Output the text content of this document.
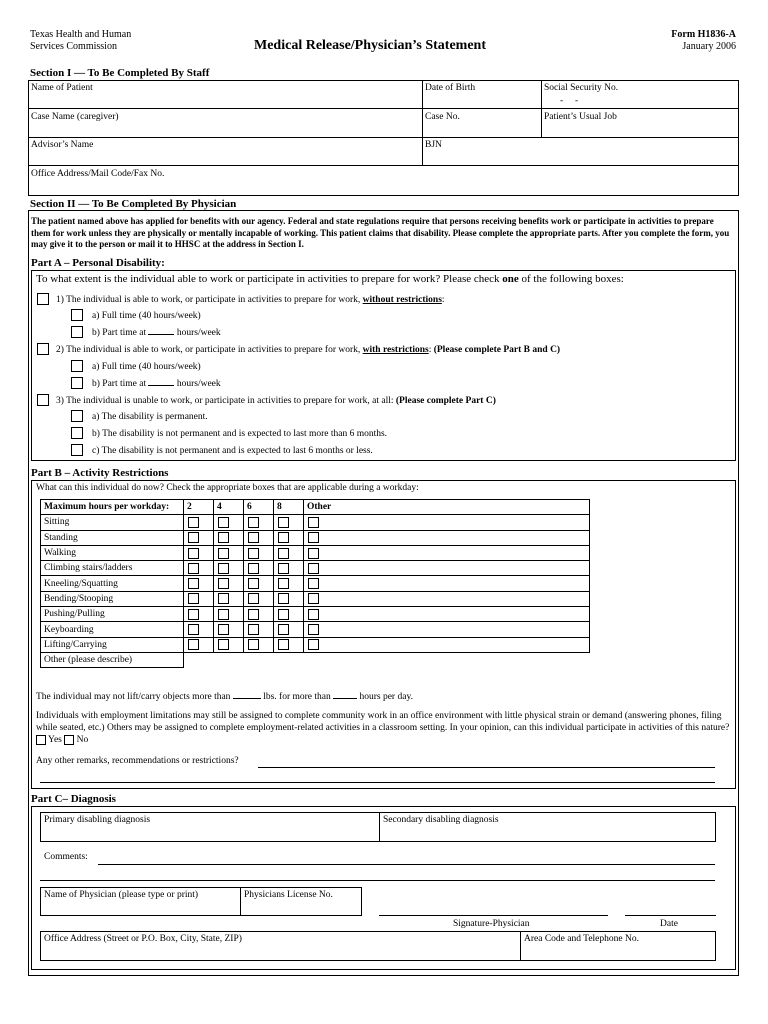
Texas Health and Human
Services Commission	Medical Release/Physician’s Statement
Form H1836-A
January 2006
Section I — To Be Completed By Staff
Name of Patient	Date of Birth	Social Security No.
-     -
Case Name (caregiver)	Case No.	Patient’s Usual Job
Advisor’s Name	BJN
Office Address/Mail Code/Fax No.
Section II — To Be Completed By Physician
The patient named above has applied for benefits with our agency. Federal and state regulations require that persons receiving benefits work or participate in activities to prepare them for work unless they are physically or mentally incapable of working. This patient claims that disability. Please complete the appropriate parts. After you complete the form, you may give it to the person or mail it to HHSC at the address in Section I.
Part A – Personal Disability:
To what extent is the individual able to work or participate in activities to prepare for work? Please check one of the following boxes:
1) The individual is able to work, or participate in activities to prepare for work, without restrictions:
a) Full time (40 hours/week)
b) Part time at	hours/week
2) The individual is able to work, or participate in activities to prepare for work, with restrictions: (Please complete Part B and C)
a) Full time (40 hours/week)
b) Part time at	hours/week
3) The individual is unable to work, or participate in activities to prepare for work, at all: (Please complete Part C)
a) The disability is permanent.
b) The disability is not permanent and is expected to last more than 6 months.
c) The disability is not permanent and is expected to last 6 months or less.
Part B – Activity Restrictions
What can this individual do now? Check the appropriate boxes that are applicable during a workday:
Maximum hours per workday:	2	4	6	8	Other
Sitting					
Standing					
Walking					
Climbing stairs/ladders					
Kneeling/Squatting					
Bending/Stooping					
Pushing/Pulling					
Keyboarding					
Lifting/Carrying					
Other (please describe)					
The individual may not lift/carry objects more than	lbs. for more than	hours per day.
Individuals with employment limitations may still be assigned to complete community work in an office environment with little physical strain or demand (answering phones, filing while seated, etc.) Others may be assigned to complete employment-related activities in a classroom setting. In your opinion, can this individual participate in activities of this nature?  Yes No
Any other remarks, recommendations or restrictions?
Part C– Diagnosis
Primary disabling diagnosis	Secondary disabling diagnosis
Comments:
Name of Physician (please type or print)	Physicians License No.
Signature-Physician	Date
Office Address (Street or P.O. Box, City, State, ZIP)	Area Code and Telephone No.
